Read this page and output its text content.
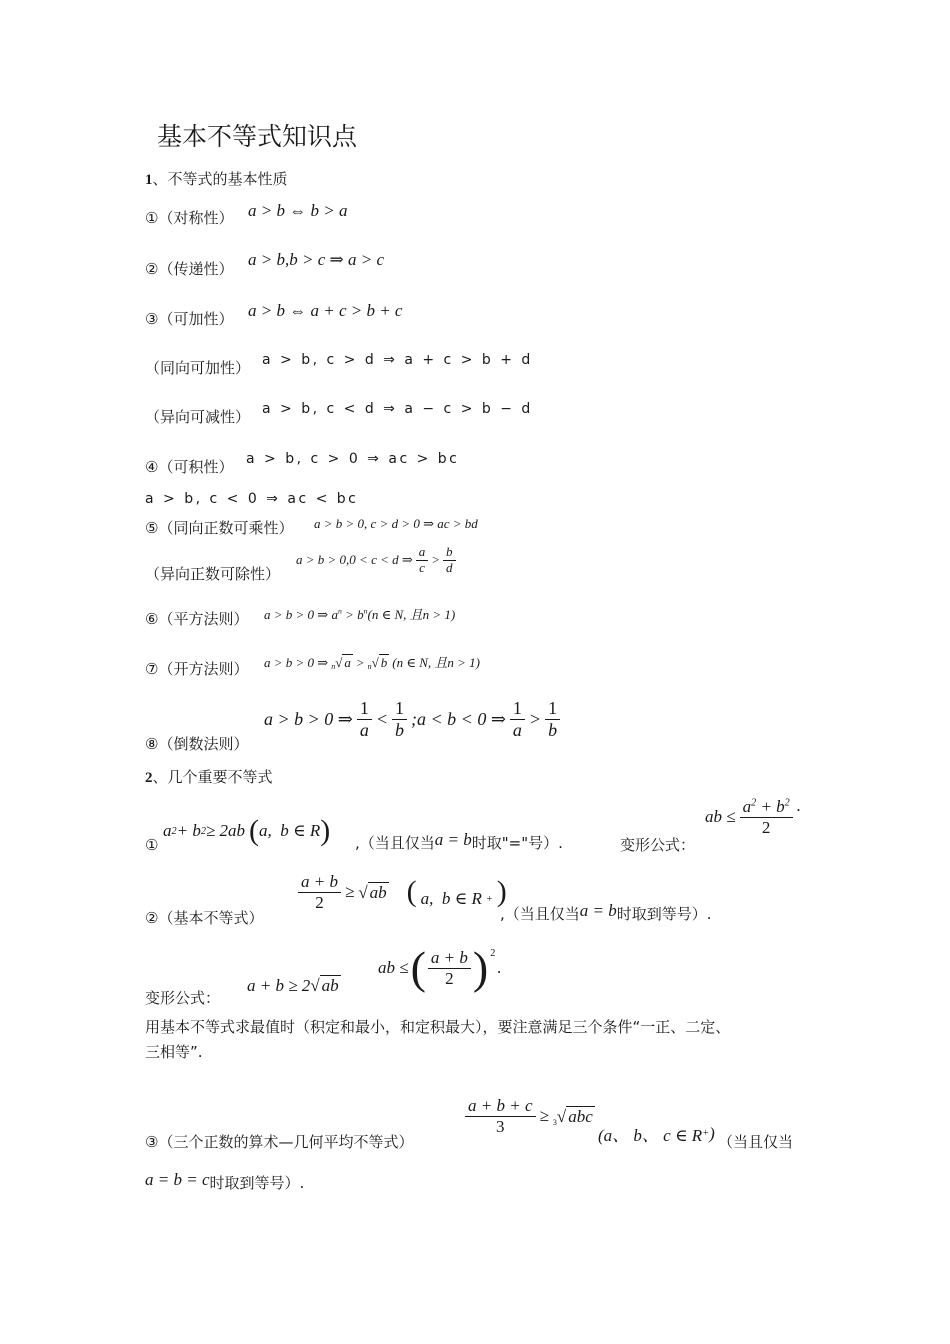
基本不等式知识点
1、不等式的基本性质
①（对称性） a > b ⇔ b > a
②（传递性） a > b,b > c ⇒ a > c
③（可加性） a > b ⇔ a + c > b + c
（同向可加性） a > b, c > d ⇒ a + c > b + d
（异向可减性） a > b, c < d ⇒ a − c > b − d
④（可积性） a > b, c > 0 ⇒ ac > bc
a > b, c < 0 ⇒ ac < bc
⑤（同向正数可乘性） a > b > 0, c > d > 0 ⇒ ac > bd
（异向正数可除性）
a > b > 0,0 < c < d ⇒ $\frac{a}{c} > \frac{b}{d}$
⑥（平方法则） a > b > 0 ⇒ $a^n > b^n(n$ ∈ N, 且n > 1)
⑦（开方法则） a > b > 0 ⇒ n √ a > n √ b (n ∈ N, 且n > 1)
a > b > 0 ⇒ $\frac{1}{a} < \frac{1}{b}$ ;a < b < 0 ⇒ $\frac{1}{a} > \frac{1}{b}$
⑧（倒数法则）
2、几个重要不等式
①
a 2 + b 2 ≥ 2ab ( a,  b ∈ R ) ,（当且仅当 a = b 时取"="号）.	变形公式：
ab ≤ $\frac{a^2 + b^2}{2}$ .
②（基本不等式）
$\frac{a + b}{2}$ ≥ √ ab ( a,  b ∈ R + )
,（当且仅当 a = b 时取到等号）.
变形公式：
a + b ≥ 2 √ ab
ab ≤ ( $\frac{a + b}{2} )^2$
.
用基本不等式求最值时（积定和最小，和定积最大），要注意满足三个条件“一正、二定、
三相等”.
③（三个正数的算术—几何平均不等式）
$\frac{a + b + c}{3} \ge 3$ √ abc
(a、 b、 c ∈ R + ) （当且仅当
a = b = c 时取到等号）.
